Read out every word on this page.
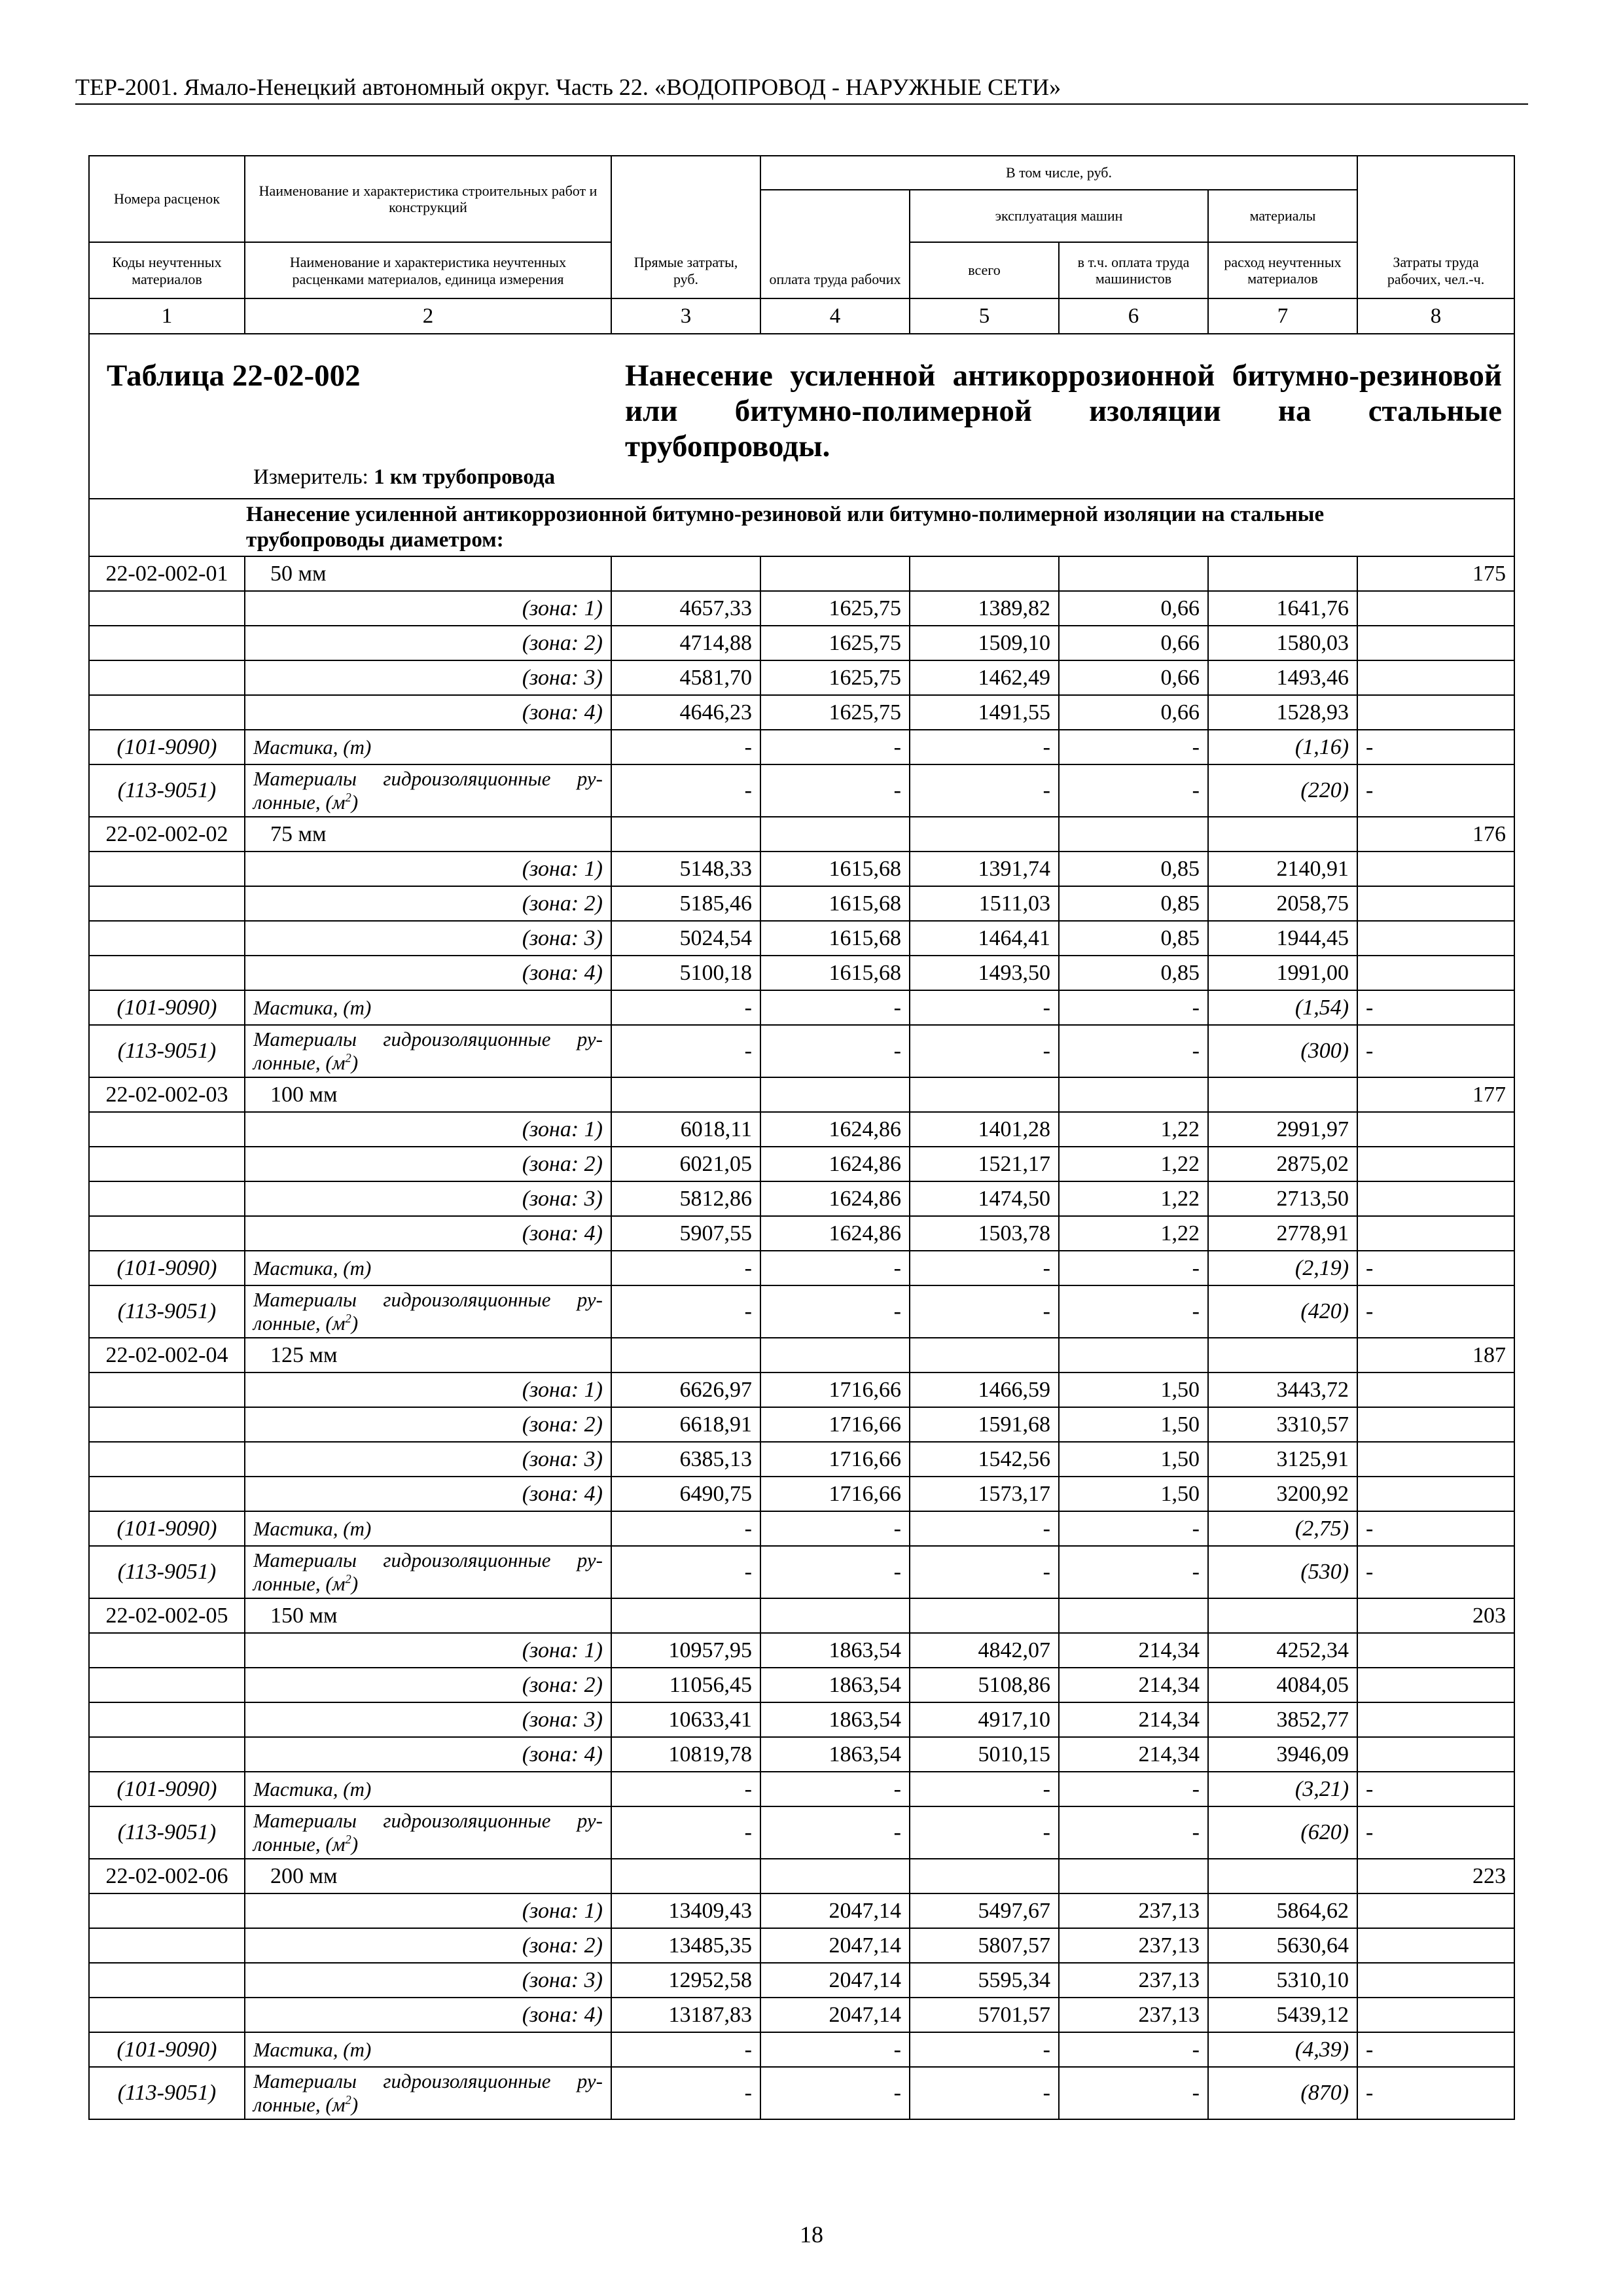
ТЕР-2001. Ямало-Ненецкий автономный округ. Часть 22. «ВОДОПРОВОД - НАРУЖНЫЕ СЕТИ»
Номера расценок	Наименование и характеристика строительных работ и конструкций	Прямые затраты, руб.	В том числе, руб.				Затраты труда рабочих, чел.-ч.
			оплата труда рабочих	эксплуатация машин		материалы	
Коды неучтенных материалов	Наименование и характеристика неучтенных расценками материалов, единица измерения			всего	в т.ч. оплата труда машинистов	расход неучтенных материалов	

1	2	3	4	5	6	7	8

Таблица 22-02-002 Нанесение усиленной антикоррозионной битумно-резиновой или битумно-полимерной изоляции на стальные трубопроводы.
Измеритель: 1 км трубопровода							

	Нанесение усиленной антикоррозионной битумно-резиновой или битумно-полимерной изоляции на стальные трубопроводы диаметром:						
22-02-002-01	50 мм						175
	(зона: 1)	4657,33	1625,75	1389,82	0,66	1641,76	
	(зона: 2)	4714,88	1625,75	1509,10	0,66	1580,03	
	(зона: 3)	4581,70	1625,75	1462,49	0,66	1493,46	
	(зона: 4)	4646,23	1625,75	1491,55	0,66	1528,93	
(101-9090)	Мастика, (т)	-	-	-	-	(1,16)	-
(113-9051)	Материалы гидроизоляционные ру-лонные, $(м^2)$	-	-	-	-	(220)	-
22-02-002-02	75 мм						176
	(зона: 1)	5148,33	1615,68	1391,74	0,85	2140,91	
	(зона: 2)	5185,46	1615,68	1511,03	0,85	2058,75	
	(зона: 3)	5024,54	1615,68	1464,41	0,85	1944,45	
	(зона: 4)	5100,18	1615,68	1493,50	0,85	1991,00	
(101-9090)	Мастика, (т)	-	-	-	-	(1,54)	-
(113-9051)	Материалы гидроизоляционные ру-лонные, $(м^2)$	-	-	-	-	(300)	-
22-02-002-03	100 мм						177
	(зона: 1)	6018,11	1624,86	1401,28	1,22	2991,97	
	(зона: 2)	6021,05	1624,86	1521,17	1,22	2875,02	
	(зона: 3)	5812,86	1624,86	1474,50	1,22	2713,50	
	(зона: 4)	5907,55	1624,86	1503,78	1,22	2778,91	
(101-9090)	Мастика, (т)	-	-	-	-	(2,19)	-
(113-9051)	Материалы гидроизоляционные ру-лонные, $(м^2)$	-	-	-	-	(420)	-
22-02-002-04	125 мм						187
	(зона: 1)	6626,97	1716,66	1466,59	1,50	3443,72	
	(зона: 2)	6618,91	1716,66	1591,68	1,50	3310,57	
	(зона: 3)	6385,13	1716,66	1542,56	1,50	3125,91	
	(зона: 4)	6490,75	1716,66	1573,17	1,50	3200,92	
(101-9090)	Мастика, (т)	-	-	-	-	(2,75)	-
(113-9051)	Материалы гидроизоляционные ру-лонные, $(м^2)$	-	-	-	-	(530)	-
22-02-002-05	150 мм						203
	(зона: 1)	10957,95	1863,54	4842,07	214,34	4252,34	
	(зона: 2)	11056,45	1863,54	5108,86	214,34	4084,05	
	(зона: 3)	10633,41	1863,54	4917,10	214,34	3852,77	
	(зона: 4)	10819,78	1863,54	5010,15	214,34	3946,09	
(101-9090)	Мастика, (т)	-	-	-	-	(3,21)	-
(113-9051)	Материалы гидроизоляционные ру-лонные, $(м^2)$	-	-	-	-	(620)	-
22-02-002-06	200 мм						223
	(зона: 1)	13409,43	2047,14	5497,67	237,13	5864,62	
	(зона: 2)	13485,35	2047,14	5807,57	237,13	5630,64	
	(зона: 3)	12952,58	2047,14	5595,34	237,13	5310,10	
	(зона: 4)	13187,83	2047,14	5701,57	237,13	5439,12	
(101-9090)	Мастика, (т)	-	-	-	-	(4,39)	-
(113-9051)	Материалы гидроизоляционные ру-лонные, $(м^2)$	-	-	-	-	(870)	-
18
